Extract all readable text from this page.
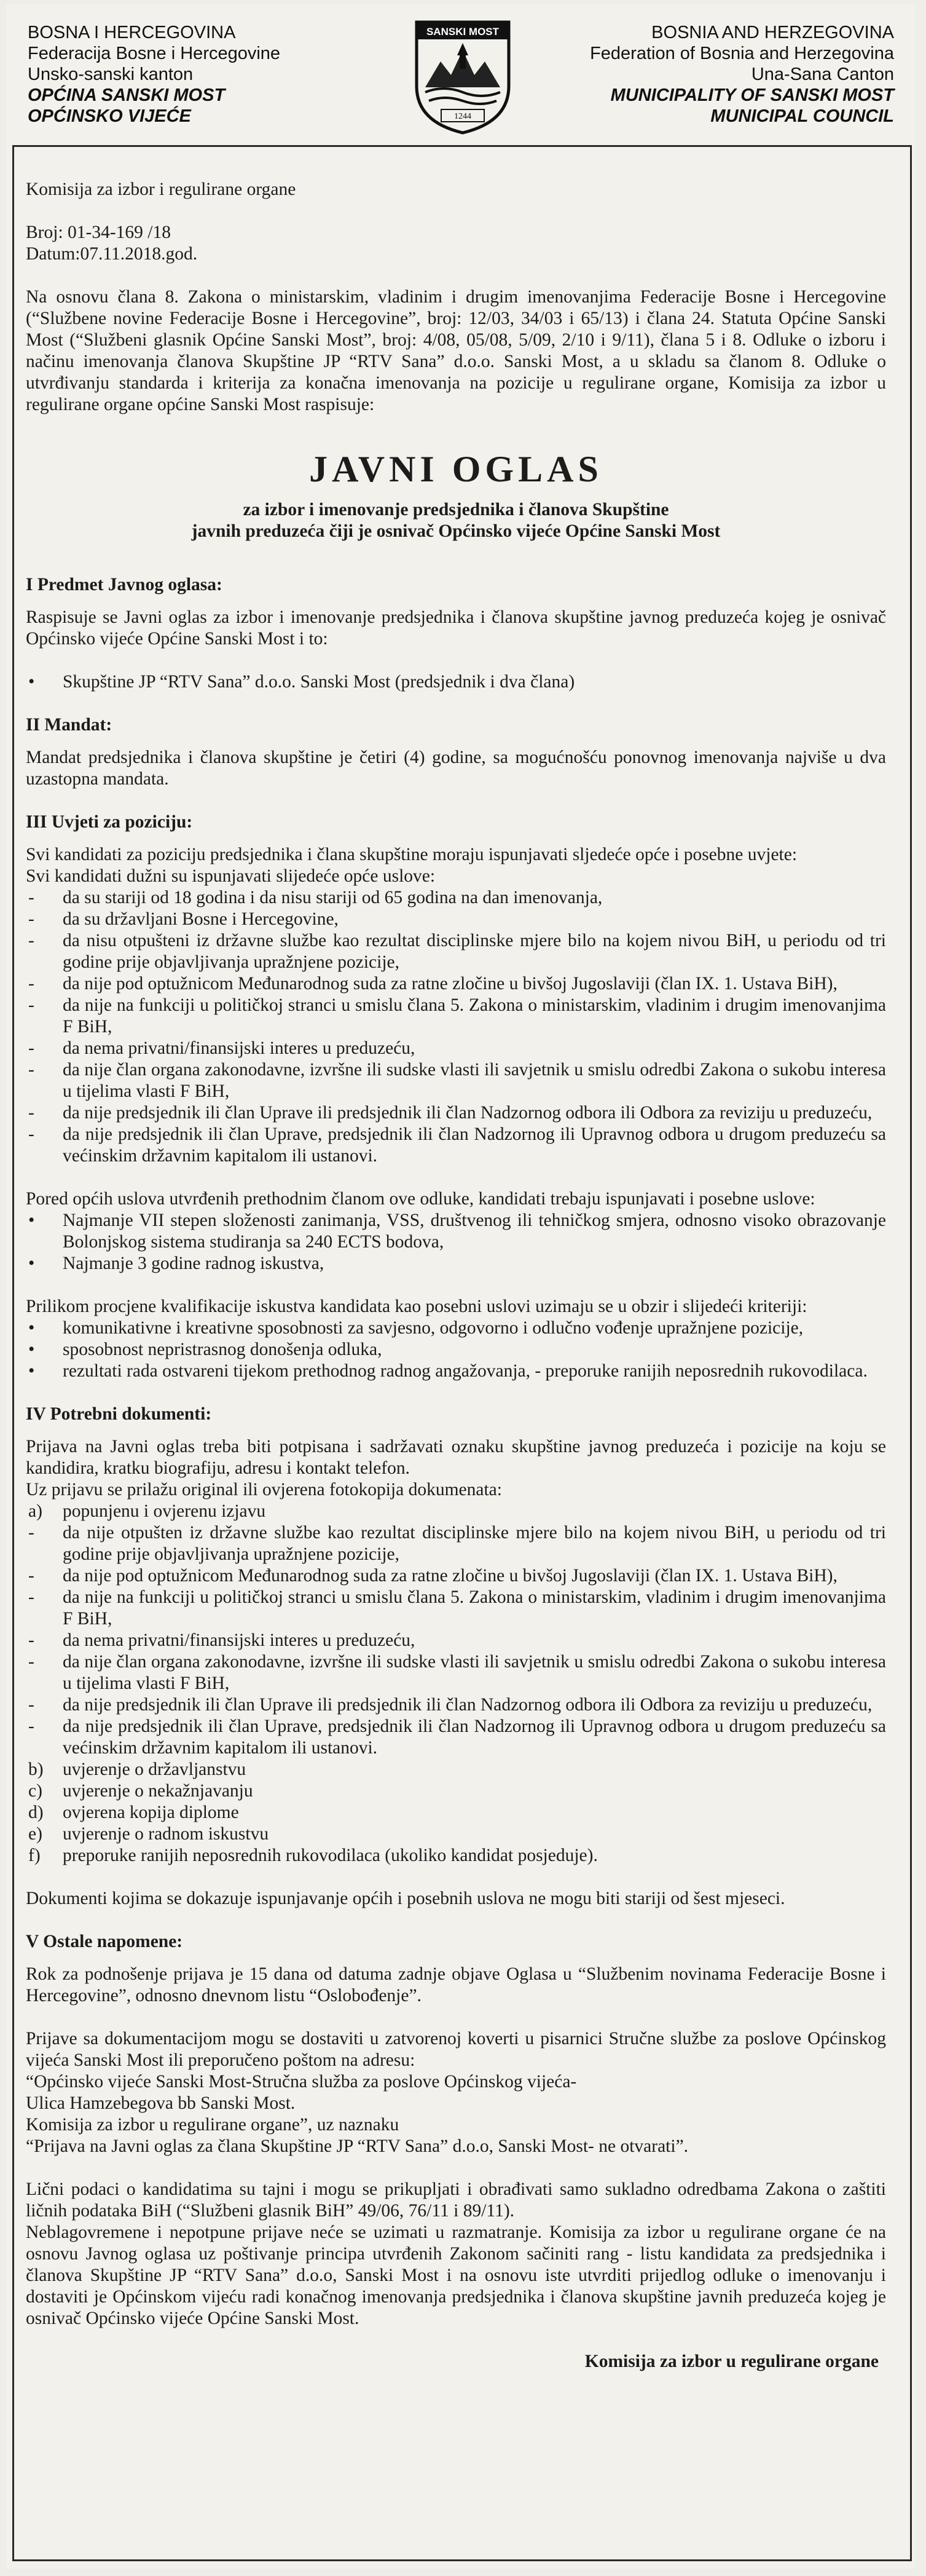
BOSNA I HERCEGOVINA
Federacija Bosne i Hercegovine
Unsko-sanski kanton
OPĆINA SANSKI MOST
OPĆINSKO VIJEĆE
SANSKI MOST
1244
BOSNIA AND HERZEGOVINA
Federation of Bosnia and Herzegovina
Una-Sana Canton
MUNICIPALITY OF SANSKI MOST
MUNICIPAL COUNCIL

Komisija za izbor i regulirane organe

Broj: 01-34-169 /18

Datum:07.11.2018.god.

Na osnovu člana 8. Zakona o ministarskim, vladinim i drugim imenovanjima Federacije Bosne i Hercegovine (“Službene novine Federacije Bosne i Hercegovine”, broj: 12/03, 34/03 i 65/13) i člana 24. Statuta Općine Sanski Most (“Službeni glasnik Općine Sanski Most”, broj: 4/08, 05/08, 5/09, 2/10 i 9/11), člana 5 i 8. Odluke o izboru i načinu imenovanja članova Skupštine JP “RTV Sana” d.o.o. Sanski Most, a u skladu sa članom 8. Odluke o utvrđivanju standarda i kriterija za konačna imenovanja na pozicije u regulirane organe, Komisija za izbor u regulirane organe općine Sanski Most raspisuje:

JAVNI OGLAS

za izbor i imenovanje predsjednika i članova Skupštine

javnih preduzeća čiji je osnivač Općinsko vijeće Općine Sanski Most

I Predmet Javnog oglasa:

Raspisuje se Javni oglas za izbor i imenovanje predsjednika i članova skupštine javnog preduzeća kojeg je osnivač Općinsko vijeće Općine Sanski Most i to:

• Skupštine JP “RTV Sana” d.o.o. Sanski Most (predsjednik i dva člana)

II Mandat:

Mandat predsjednika i članova skupštine je četiri (4) godine, sa mogućnošću ponovnog imenovanja najviše u dva uzastopna mandata.

III Uvjeti za poziciju:

Svi kandidati za poziciju predsjednika i člana skupštine moraju ispunjavati sljedeće opće i posebne uvjete:

Svi kandidati dužni su ispunjavati slijedeće opće uslove:

- da su stariji od 18 godina i da nisu stariji od 65 godina na dan imenovanja,

- da su državljani Bosne i Hercegovine,

- da nisu otpušteni iz državne službe kao rezultat disciplinske mjere bilo na kojem nivou BiH, u periodu od tri godine prije objavljivanja upražnjene pozicije,

- da nije pod optužnicom Međunarodnog suda za ratne zločine u bivšoj Jugoslaviji (član IX. 1. Ustava BiH),

- da nije na funkciji u političkoj stranci u smislu člana 5. Zakona o ministarskim, vladinim i drugim imenovanjima F BiH,

- da nema privatni/finansijski interes u preduzeću,

- da nije član organa zakonodavne, izvršne ili sudske vlasti ili savjetnik u smislu odredbi Zakona o sukobu interesa u tijelima vlasti F BiH,

- da nije predsjednik ili član Uprave ili predsjednik ili član Nadzornog odbora ili Odbora za reviziju u preduzeću,

- da nije predsjednik ili član Uprave, predsjednik ili član Nadzornog ili Upravnog odbora u drugom preduzeću sa većinskim državnim kapitalom ili ustanovi.

Pored općih uslova utvrđenih prethodnim članom ove odluke, kandidati trebaju ispunjavati i posebne uslove:

• Najmanje VII stepen složenosti zanimanja, VSS, društvenog ili tehničkog smjera, odnosno visoko obrazovanje Bolonjskog sistema studiranja sa 240 ECTS bodova,

• Najmanje 3 godine radnog iskustva,

Prilikom procjene kvalifikacije iskustva kandidata kao posebni uslovi uzimaju se u obzir i slijedeći kriteriji:

• komunikativne i kreativne sposobnosti za savjesno, odgovorno i odlučno vođenje upražnjene pozicije,

• sposobnost nepristrasnog donošenja odluka,

• rezultati rada ostvareni tijekom prethodnog radnog angažovanja, - preporuke ranijih neposrednih rukovodilaca.

IV Potrebni dokumenti:

Prijava na Javni oglas treba biti potpisana i sadržavati oznaku skupštine javnog preduzeća i pozicije na koju se kandidira, kratku biografiju, adresu i kontakt telefon.

Uz prijavu se prilažu original ili ovjerena fotokopija dokumenata:

a) popunjenu i ovjerenu izjavu

- da nije otpušten iz državne službe kao rezultat disciplinske mjere bilo na kojem nivou BiH, u periodu od tri godine prije objavljivanja upražnjene pozicije,

- da nije pod optužnicom Međunarodnog suda za ratne zločine u bivšoj Jugoslaviji (član IX. 1. Ustava BiH),

- da nije na funkciji u političkoj stranci u smislu člana 5. Zakona o ministarskim, vladinim i drugim imenovanjima F BiH,

- da nema privatni/finansijski interes u preduzeću,

- da nije član organa zakonodavne, izvršne ili sudske vlasti ili savjetnik u smislu odredbi Zakona o sukobu interesa u tijelima vlasti F BiH,

- da nije predsjednik ili član Uprave ili predsjednik ili član Nadzornog odbora ili Odbora za reviziju u preduzeću,

- da nije predsjednik ili član Uprave, predsjednik ili član Nadzornog ili Upravnog odbora u drugom preduzeću sa većinskim državnim kapitalom ili ustanovi.

b) uvjerenje o državljanstvu

c) uvjerenje o nekažnjavanju

d) ovjerena kopija diplome

e) uvjerenje o radnom iskustvu

f) preporuke ranijih neposrednih rukovodilaca (ukoliko kandidat posjeduje).

Dokumenti kojima se dokazuje ispunjavanje općih i posebnih uslova ne mogu biti stariji od šest mjeseci.

V Ostale napomene:

Rok za podnošenje prijava je 15 dana od datuma zadnje objave Oglasa u “Službenim novinama Federacije Bosne i Hercegovine”, odnosno dnevnom listu “Oslobođenje”.

Prijave sa dokumentacijom mogu se dostaviti u zatvorenoj koverti u pisarnici Stručne službe za poslove Općinskog vijeća Sanski Most ili preporučeno poštom na adresu:

“Općinsko vijeće Sanski Most-Stručna služba za poslove Općinskog vijeća-

Ulica Hamzebegova bb Sanski Most.

Komisija za izbor u regulirane organe”, uz naznaku

“Prijava na Javni oglas za člana Skupštine JP “RTV Sana” d.o.o, Sanski Most- ne otvarati”.

Lični podaci o kandidatima su tajni i mogu se prikupljati i obrađivati samo sukladno odredbama Zakona o zaštiti ličnih podataka BiH (“Službeni glasnik BiH” 49/06, 76/11 i 89/11).

Neblagovremene i nepotpune prijave neće se uzimati u razmatranje. Komisija za izbor u regulirane organe će na osnovu Javnog oglasa uz poštivanje principa utvrđenih Zakonom sačiniti rang - listu kandidata za predsjednika i članova Skupštine JP “RTV Sana” d.o.o, Sanski Most i na osnovu iste utvrditi prijedlog odluke o imenovanju i dostaviti je Općinskom vijeću radi konačnog imenovanja predsjednika i članova skupštine javnih preduzeća kojeg je osnivač Općinsko vijeće Općine Sanski Most.

Komisija za izbor u regulirane organe
